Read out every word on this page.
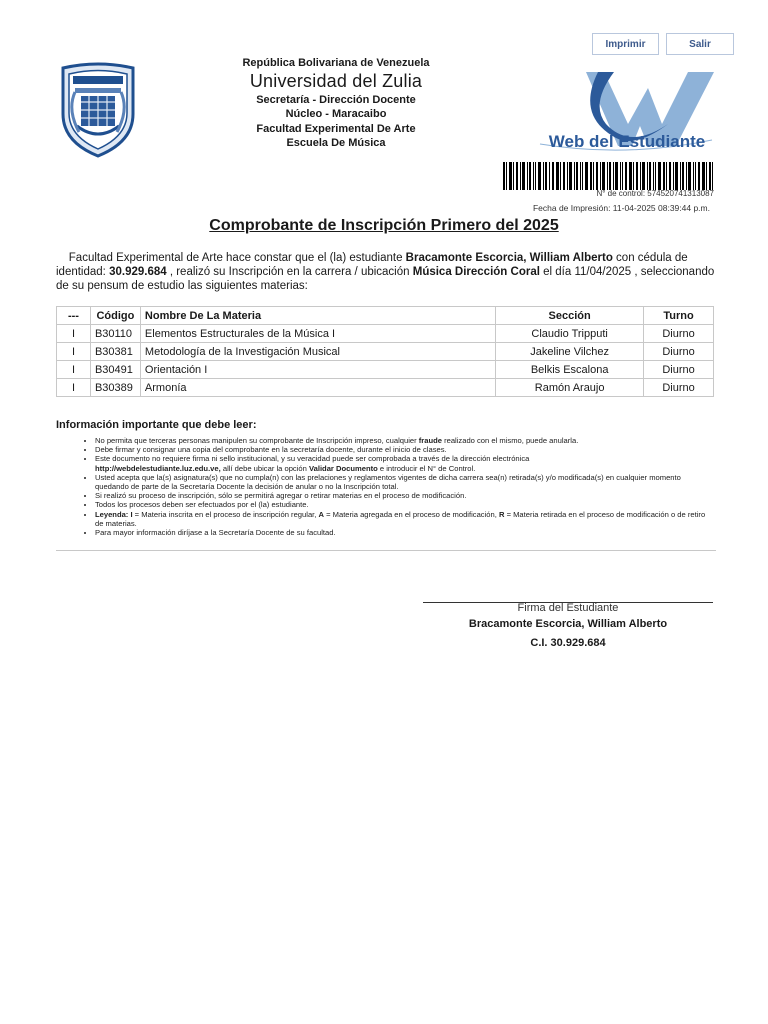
Imprimir	Salir
República Bolivariana de Venezuela
Universidad del Zulia
Secretaría - Dirección Docente
Núcleo - Maracaibo
Facultad Experimental De Arte
Escuela De Música	Web del Estudiante
N° de control: 574520741313087
Fecha de Impresión: 11-04-2025 08:39:44 p.m.
Comprobante de Inscripción Primero del 2025
Facultad Experimental de Arte hace constar que el (la) estudiante Bracamonte Escorcia, William Alberto con cédula de identidad: 30.929.684 , realizó su Inscripción en la carrera / ubicación Música Dirección Coral el día 11/04/2025 , seleccionando de su pensum de estudio las siguientes materias:
---	Código	Nombre De La Materia	Sección	Turno
I	B30110	Elementos Estructurales de la Música I	Claudio Tripputi	Diurno
I	B30381	Metodología de la Investigación Musical	Jakeline Vilchez	Diurno
I	B30491	Orientación I	Belkis Escalona	Diurno
I	B30389	Armonía	Ramón Araujo	Diurno
Información importante que debe leer:
• No permita que terceras personas manipulen su comprobante de Inscripción impreso, cualquier fraude realizado con el mismo, puede anularla.
• Debe firmar y consignar una copia del comprobante en la secretaría docente, durante el inicio de clases.
• Este documento no requiere firma ni sello institucional, y su veracidad puede ser comprobada a través de la dirección electrónica
http://webdelestudiante.luz.edu.ve, allí debe ubicar la opción Validar Documento e introducir el N° de Control.
• Usted acepta que la(s) asignatura(s) que no cumpla(n) con las prelaciones y reglamentos vigentes de dicha carrera sea(n) retirada(s) y/o modificada(s) en cualquier momento quedando de parte de la Secretaría Docente la decisión de anular o no la Inscripción total.
• Si realizó su proceso de inscripción, sólo se permitirá agregar o retirar materias en el proceso de modificación.
• Todos los procesos deben ser efectuados por el (la) estudiante.
• Leyenda: I = Materia inscrita en el proceso de inscripción regular, A = Materia agregada en el proceso de modificación, R = Materia retirada en el proceso de modificación o de retiro de materias.
• Para mayor información diríjase a la Secretaría Docente de su facultad.
Firma del Estudiante
Bracamonte Escorcia, William Alberto
C.I. 30.929.684
